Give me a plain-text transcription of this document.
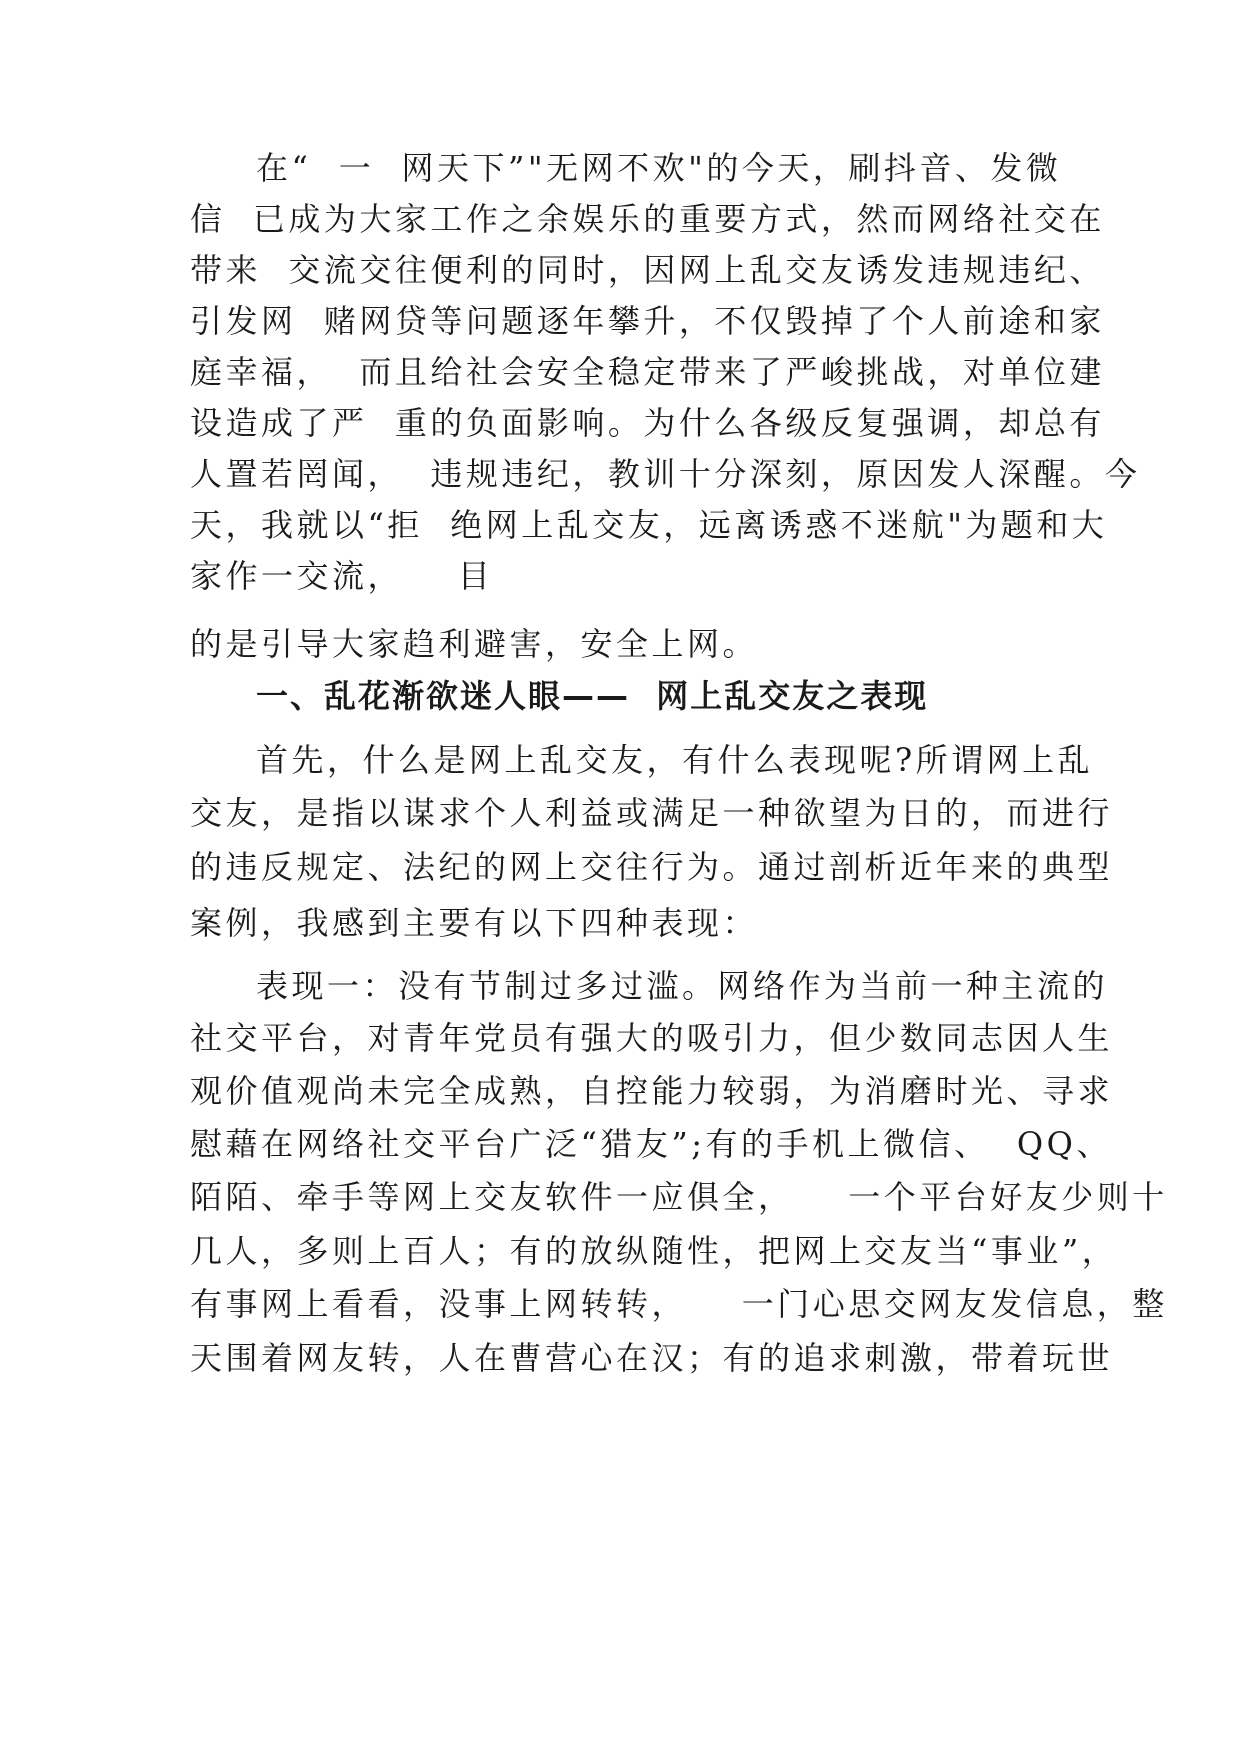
在“  一  网天下”"无网不欢"的今天，刷抖音、发微
信  已成为大家工作之余娱乐的重要方式，然而网络社交在
带来  交流交往便利的同时，因网上乱交友诱发违规违纪、
引发网  赌网贷等问题逐年攀升，不仅毁掉了个人前途和家
庭幸福，  而且给社会安全稳定带来了严峻挑战，对单位建
设造成了严  重的负面影响。为什么各级反复强调，却总有
人置若罔闻，  违规违纪，教训十分深刻，原因发人深醒。今
天，我就以“拒  绝网上乱交友，远离诱惑不迷航"为题和大
家作一交流，    目
的是引导大家趋利避害，安全上网。
一、乱花渐欲迷人眼——  网上乱交友之表现
首先，什么是网上乱交友，有什么表现呢?所谓网上乱
交友，是指以谋求个人利益或满足一种欲望为日的，而进行
的违反规定、法纪的网上交往行为。通过剖析近年来的典型
案例，我感到主要有以下四种表现：
表现一：没有节制过多过滥。网络作为当前一种主流的
社交平台，对青年党员有强大的吸引力，但少数同志因人生
观价值观尚未完全成熟，自控能力较弱，为消磨时光、寻求
慰藉在网络社交平台广泛“猎友”;有的手机上微信、  QQ、
陌陌、牵手等网上交友软件一应俱全，    一个平台好友少则十
几人，多则上百人；有的放纵随性，把网上交友当“事业”，
有事网上看看，没事上网转转，    一门心思交网友发信息，整
天围着网友转，人在曹营心在汉；有的追求刺激，带着玩世
